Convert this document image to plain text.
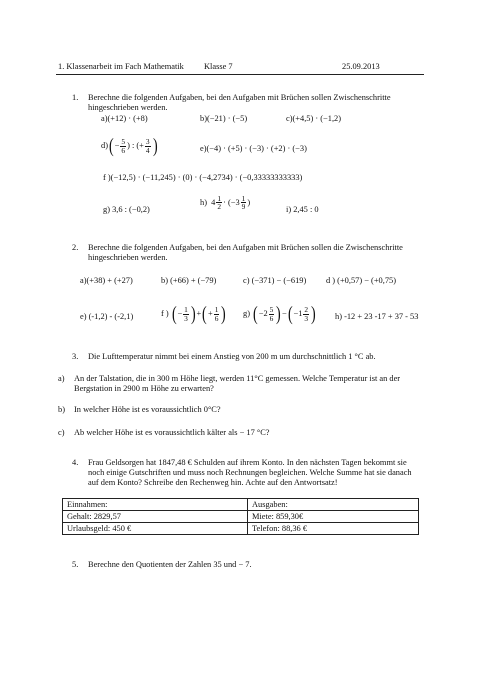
1. Klassenarbeit im Fach Mathematik Klasse 7	25.09.2013
1. Berechne die folgenden Aufgaben, bei den Aufgaben mit Brüchen sollen Zwischenschritte hingeschrieben werden.
a)(+12) · (+8)	b)(−21) · (−5)	c)(+4,5) · (−1,2)
$d)(- \frac{5}{6}$ ) : (+ $\frac{3}{4}$ )	e)(−4) · (+5) · (−3) · (+2) · (−3)
f )(−12,5) · (−11,245) · (0) · (−4,2734) · (−0,33333333333)
g) 3,6 : (−0,2)
h) $4 \frac{1}{2} \cdot (-3 \frac{1}{9}$ )
i) 2,45 : 0
2. Berechne die folgenden Aufgaben, bei den Aufgaben mit Brüchen sollen die Zwischenschritte hingeschrieben werden.
a)(+38) + (+27)	b) (+66) + (−79)	c) (−371) − (−619) d ) (+0,57) − (+0,75)
e) (-1,2) - (-2,1)	f ) (− $\frac{1}{3}$ )+(+ $\frac{1}{6}$ ) g) $(-2 \frac{5}{6} )-(-1 \frac{2}{3}$ ) h) -12 + 23 -17 + 37 - 53
3. Die Lufttemperatur nimmt bei einem Anstieg von 200 m um durchschnittlich 1 °C ab.
a) An der Talstation, die in 300 m Höhe liegt, werden 11°C gemessen. Welche Temperatur ist an der Bergstation in 2900 m Höhe zu erwarten?
b) In welcher Höhe ist es voraussichtlich 0°C?
c) Ab welcher Höhe ist es voraussichtlich kälter als − 17 °C?
4. Frau Geldsorgen hat 1847,48 € Schulden auf ihrem Konto. In den nächsten Tagen bekommt sie noch einige Gutschriften und muss noch Rechnungen begleichen. Welche Summe hat sie danach auf dem Konto? Schreibe den Rechenweg hin. Achte auf den Antwortsatz!
Einnahmen:	Ausgaben:
Gehalt: 2829,57	Miete: 859,30€
Urlaubsgeld: 450 €	Telefon: 88,36 €
5. Berechne den Quotienten der Zahlen 35 und − 7.
